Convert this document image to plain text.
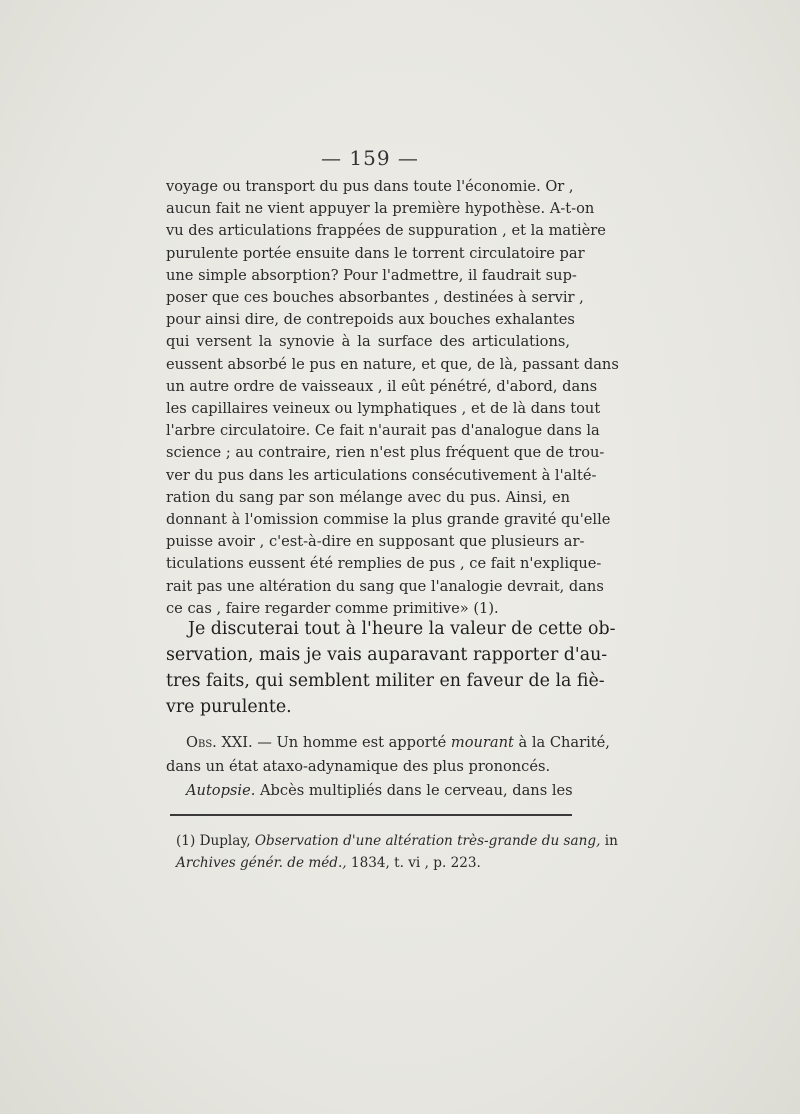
— 159 —
voyage ou transport du pus dans toute l'économie. Or ,
aucun fait ne vient appuyer la première hypothèse. A-t-on
vu des articulations frappées de suppuration , et la matière
purulente portée ensuite dans le torrent circulatoire par
une simple absorption? Pour l'admettre, il faudrait sup-
poser que ces bouches absorbantes , destinées à servir ,
pour ainsi dire, de contrepoids aux bouches exhalantes
qui versent la synovie à la surface des articulations,
eussent absorbé le pus en nature, et que, de là, passant dans
un autre ordre de vaisseaux , il eût pénétré, d'abord, dans
les capillaires veineux ou lymphatiques , et de là dans tout
l'arbre circulatoire. Ce fait n'aurait pas d'analogue dans la
science ; au contraire, rien n'est plus fréquent que de trou-
ver du pus dans les articulations consécutivement à l'alté-
ration du sang par son mélange avec du pus. Ainsi, en
donnant à l'omission commise la plus grande gravité qu'elle
puisse avoir , c'est-à-dire en supposant que plusieurs ar-
ticulations eussent été remplies de pus , ce fait n'explique-
rait pas une altération du sang que l'analogie devrait, dans
ce cas , faire regarder comme primitive» (1).
Je discuterai tout à l'heure la valeur de cette ob-
servation, mais je vais auparavant rapporter d'au-
tres faits, qui semblent militer en faveur de la fiè-
vre purulente.
Obs. XXI. — Un homme est apporté mourant à la Charité,
dans un état ataxo-adynamique des plus prononcés.
Autopsie. Abcès multipliés dans le cerveau, dans les
(1) Duplay, Observation d'une altération très-grande du sang, in
Archives génér. de méd., 1834, t. vi , p. 223.
